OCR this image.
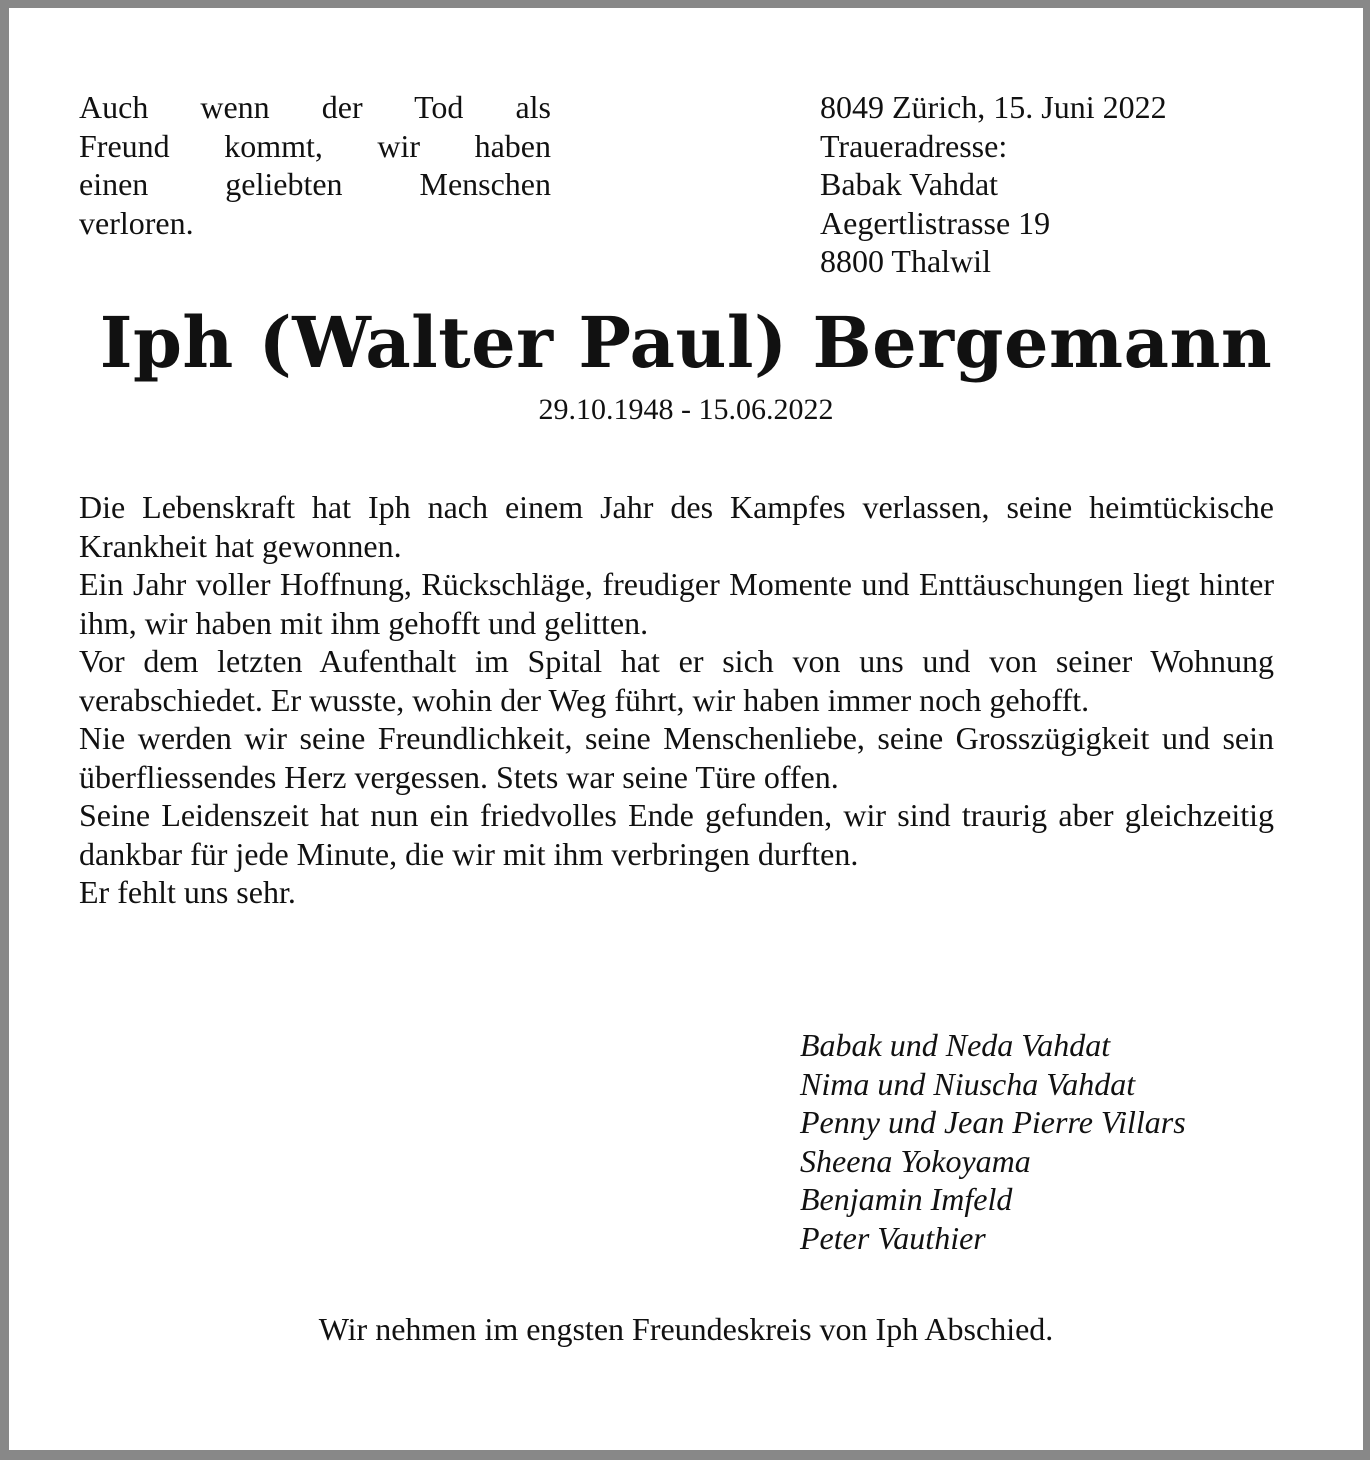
Auch wenn der Tod als
Freund kommt, wir haben
einen geliebten Menschen
verloren.
8049 Zürich, 15. Juni 2022
Traueradresse:
Babak Vahdat
Aegertlistrasse 19
8800 Thalwil
Iph (Walter Paul) Bergemann
29.10.1948 - 15.06.2022

Die Lebenskraft hat Iph nach einem Jahr des Kampfes verlassen, seine heimtückische Krankheit hat gewonnen.

Ein Jahr voller Hoffnung, Rückschläge, freudiger Momente und Enttäuschungen liegt hinter ihm, wir haben mit ihm gehofft und gelitten.

Vor dem letzten Aufenthalt im Spital hat er sich von uns und von seiner Wohnung verabschiedet. Er wusste, wohin der Weg führt, wir haben immer noch gehofft.

Nie werden wir seine Freundlichkeit, seine Menschenliebe, seine Grosszügigkeit und sein überfliessendes Herz vergessen. Stets war seine Türe offen.

Seine Leidenszeit hat nun ein friedvolles Ende gefunden, wir sind traurig aber gleichzeitig dankbar für jede Minute, die wir mit ihm verbringen durften.

Er fehlt uns sehr.

Babak und Neda Vahdat
Nima und Niuscha Vahdat
Penny und Jean Pierre Villars
Sheena Yokoyama
Benjamin Imfeld
Peter Vauthier
Wir nehmen im engsten Freundeskreis von Iph Abschied.
